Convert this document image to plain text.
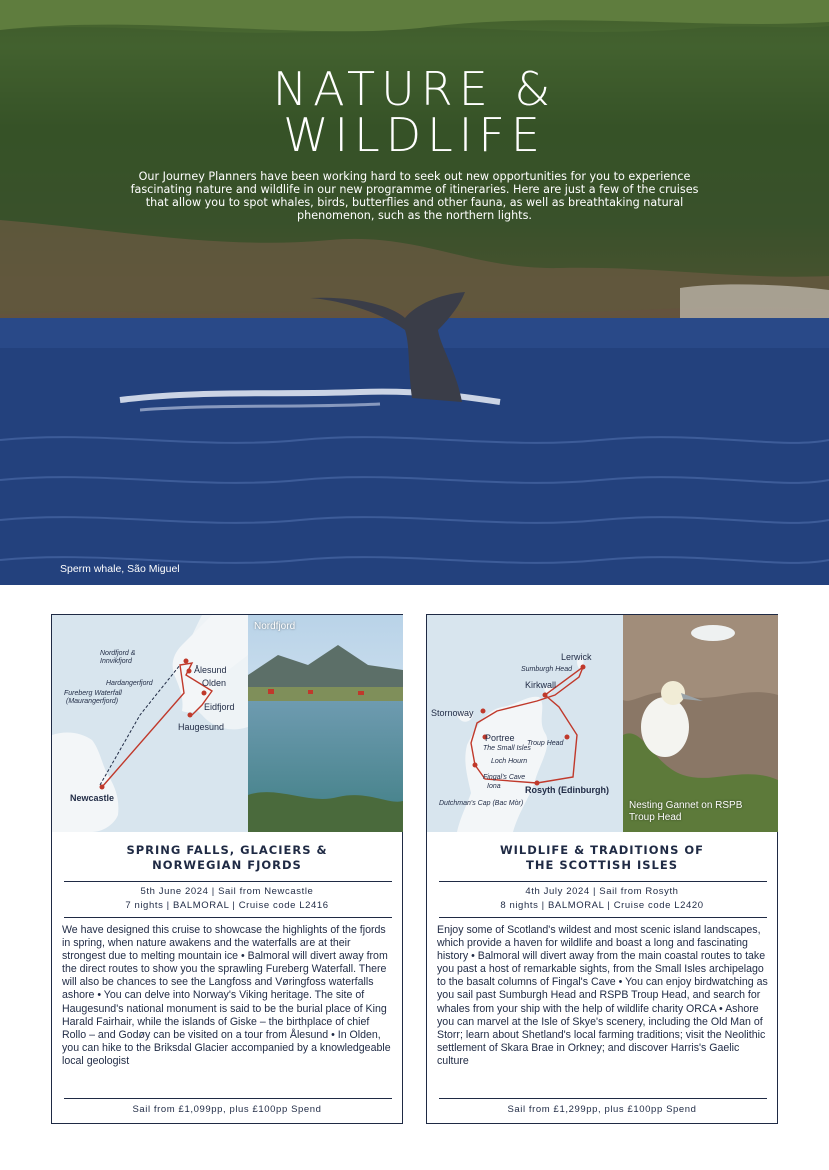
NATURE &
WILDLIFE
Our Journey Planners have been working hard to seek out new opportunities for you to experience fascinating nature and wildlife in our new programme of itineraries. Here are just a few of the cruises that allow you to spot whales, birds, butterflies and other fauna, as well as breathtaking natural phenomenon, such as the northern lights.
Sperm whale, São Miguel
Nordfjord &
Innvikfjord
Hardangerfjord
Fureberg Waterfall
(Maurangerfjord)
Ålesund
Olden
Eidfjord
Haugesund
Newcastle
Nordfjord
SPRING FALLS, GLACIERS &
NORWEGIAN FJORDS
5th June 2024 | Sail from Newcastle
7 nights | BALMORAL | Cruise code L2416
We have designed this cruise to showcase the highlights of the fjords in spring, when nature awakens and the waterfalls are at their strongest due to melting mountain ice • Balmoral will divert away from the direct routes to show you the sprawling Fureberg Waterfall. There will also be chances to see the Langfoss and Vøringfoss waterfalls ashore • You can delve into Norway's Viking heritage. The site of Haugesund's national monument is said to be the burial place of King Harald Fairhair, while the islands of Giske – the birthplace of chief Rollo – and Godøy can be visited on a tour from Ålesund • In Olden, you can hike to the Briksdal Glacier accompanied by a knowledgeable local geologist
Sail from £1,099pp, plus £100pp Spend
Lerwick
Sumburgh Head
Kirkwall
Stornoway
Portree
The Small Isles
Troup Head
Loch Hourn
Fingal's Cave
Iona	Rosyth (Edinburgh)
Dutchman's Cap (Bac Mòr)	Nesting Gannet on RSPB Troup Head
WILDLIFE & TRADITIONS OF
THE SCOTTISH ISLES
4th July 2024 | Sail from Rosyth
8 nights | BALMORAL | Cruise code L2420
Enjoy some of Scotland's wildest and most scenic island landscapes, which provide a haven for wildlife and boast a long and fascinating history • Balmoral will divert away from the main coastal routes to take you past a host of remarkable sights, from the Small Isles archipelago to the basalt columns of Fingal's Cave • You can enjoy birdwatching as you sail past Sumburgh Head and RSPB Troup Head, and search for whales from your ship with the help of wildlife charity ORCA • Ashore you can marvel at the Isle of Skye's scenery, including the Old Man of Storr; learn about Shetland's local farming traditions; visit the Neolithic settlement of Skara Brae in Orkney; and discover Harris's Gaelic culture
Sail from £1,299pp, plus £100pp Spend
